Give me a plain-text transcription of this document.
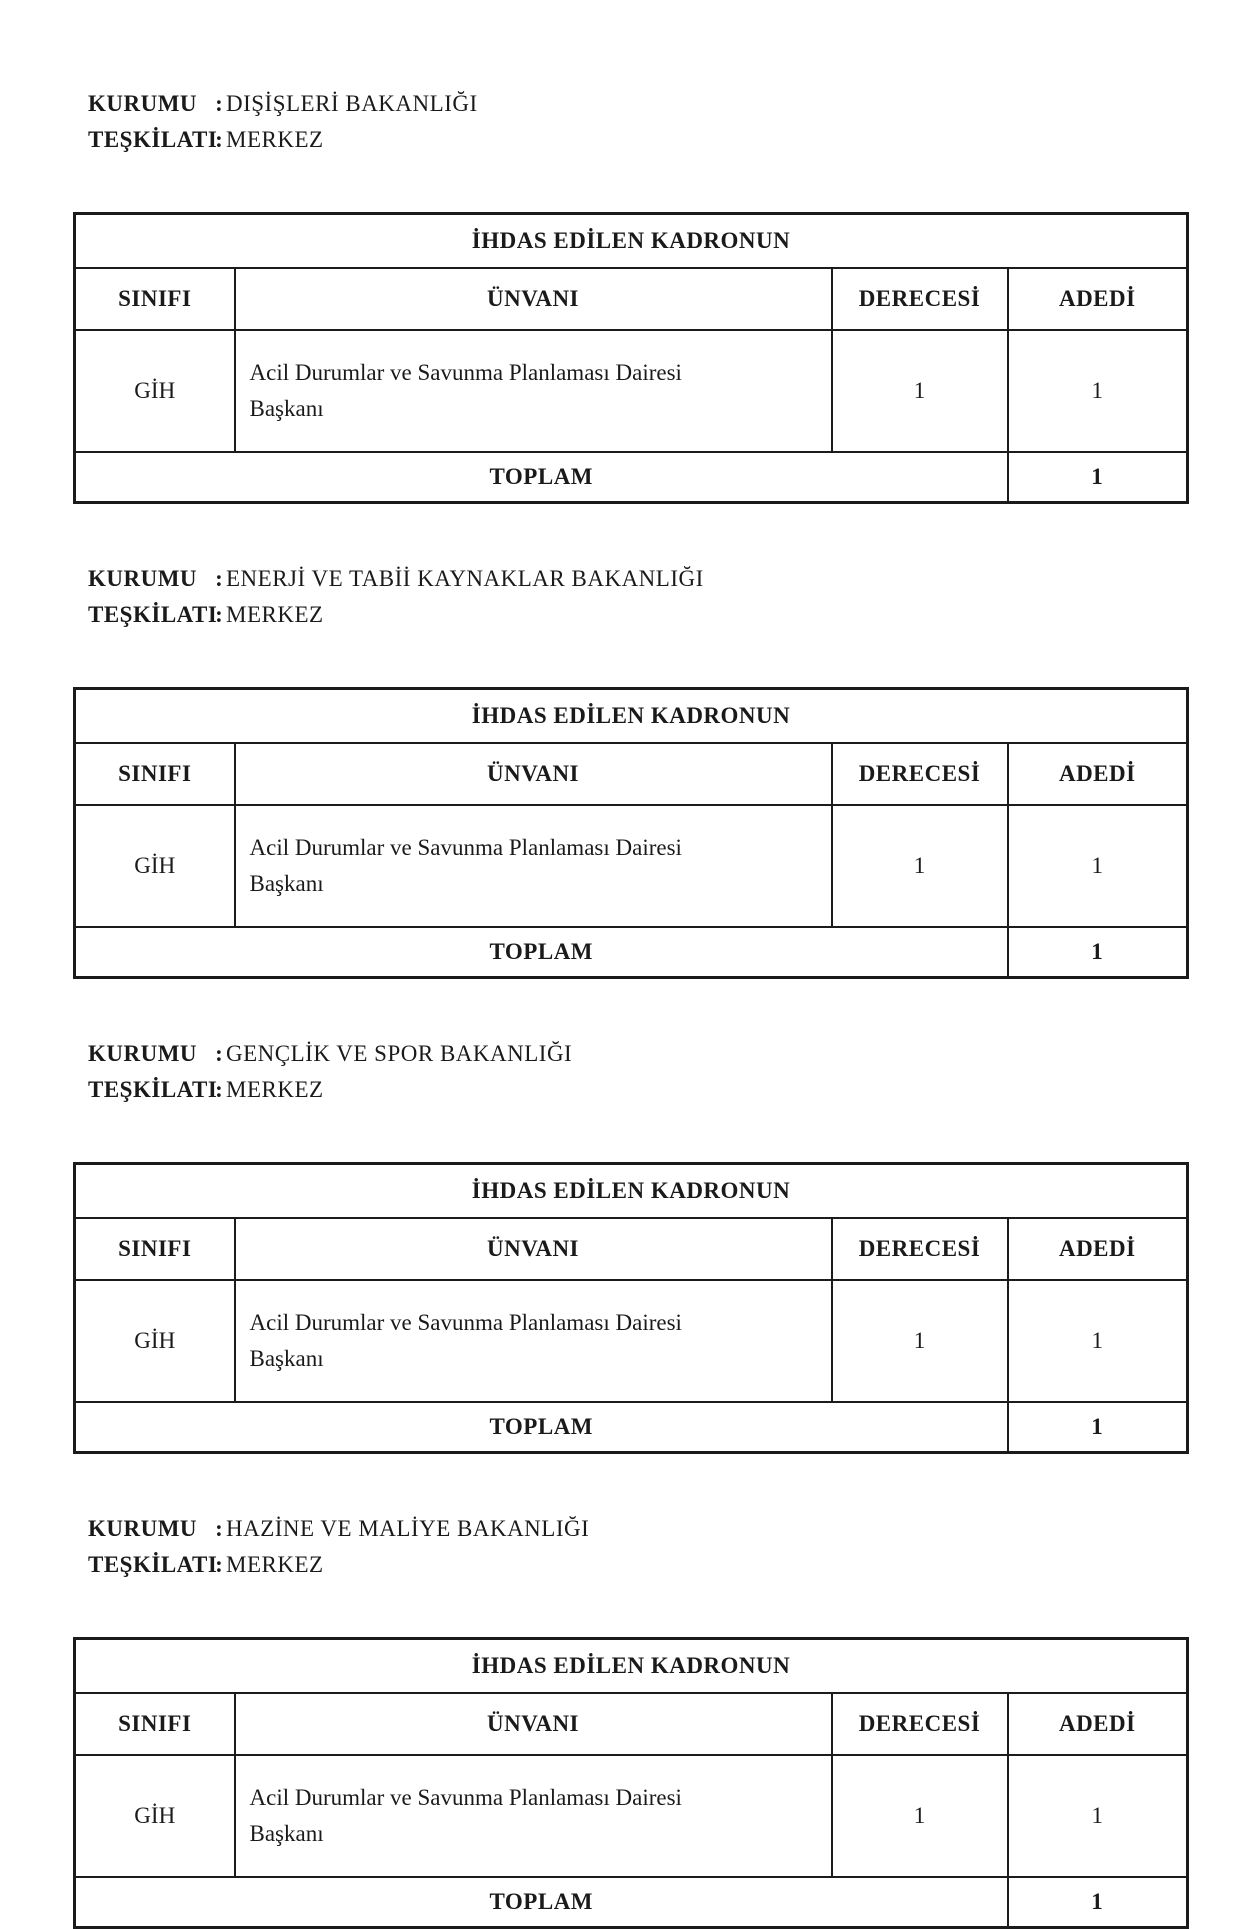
KURUMU : DIŞİŞLERİ BAKANLIĞI
TEŞKİLATI
: MERKEZ
İHDAS EDİLEN KADRONUN			
SINIFI	ÜNVANI	DERECESİ	ADEDİ
GİH	Acil Durumlar ve Savunma Planlaması Dairesi Başkanı	1	1
TOPLAM			1
KURUMU : ENERJİ VE TABİİ KAYNAKLAR BAKANLIĞI
TEŞKİLATI
: MERKEZ
İHDAS EDİLEN KADRONUN			
SINIFI	ÜNVANI	DERECESİ	ADEDİ
GİH	Acil Durumlar ve Savunma Planlaması Dairesi Başkanı	1	1
TOPLAM			1
KURUMU : GENÇLİK VE SPOR BAKANLIĞI
TEŞKİLATI
: MERKEZ
İHDAS EDİLEN KADRONUN			
SINIFI	ÜNVANI	DERECESİ	ADEDİ
GİH	Acil Durumlar ve Savunma Planlaması Dairesi Başkanı	1	1
TOPLAM			1
KURUMU : HAZİNE VE MALİYE BAKANLIĞI
TEŞKİLATI
: MERKEZ
İHDAS EDİLEN KADRONUN			
SINIFI	ÜNVANI	DERECESİ	ADEDİ
GİH	Acil Durumlar ve Savunma Planlaması Dairesi Başkanı	1	1
TOPLAM			1
